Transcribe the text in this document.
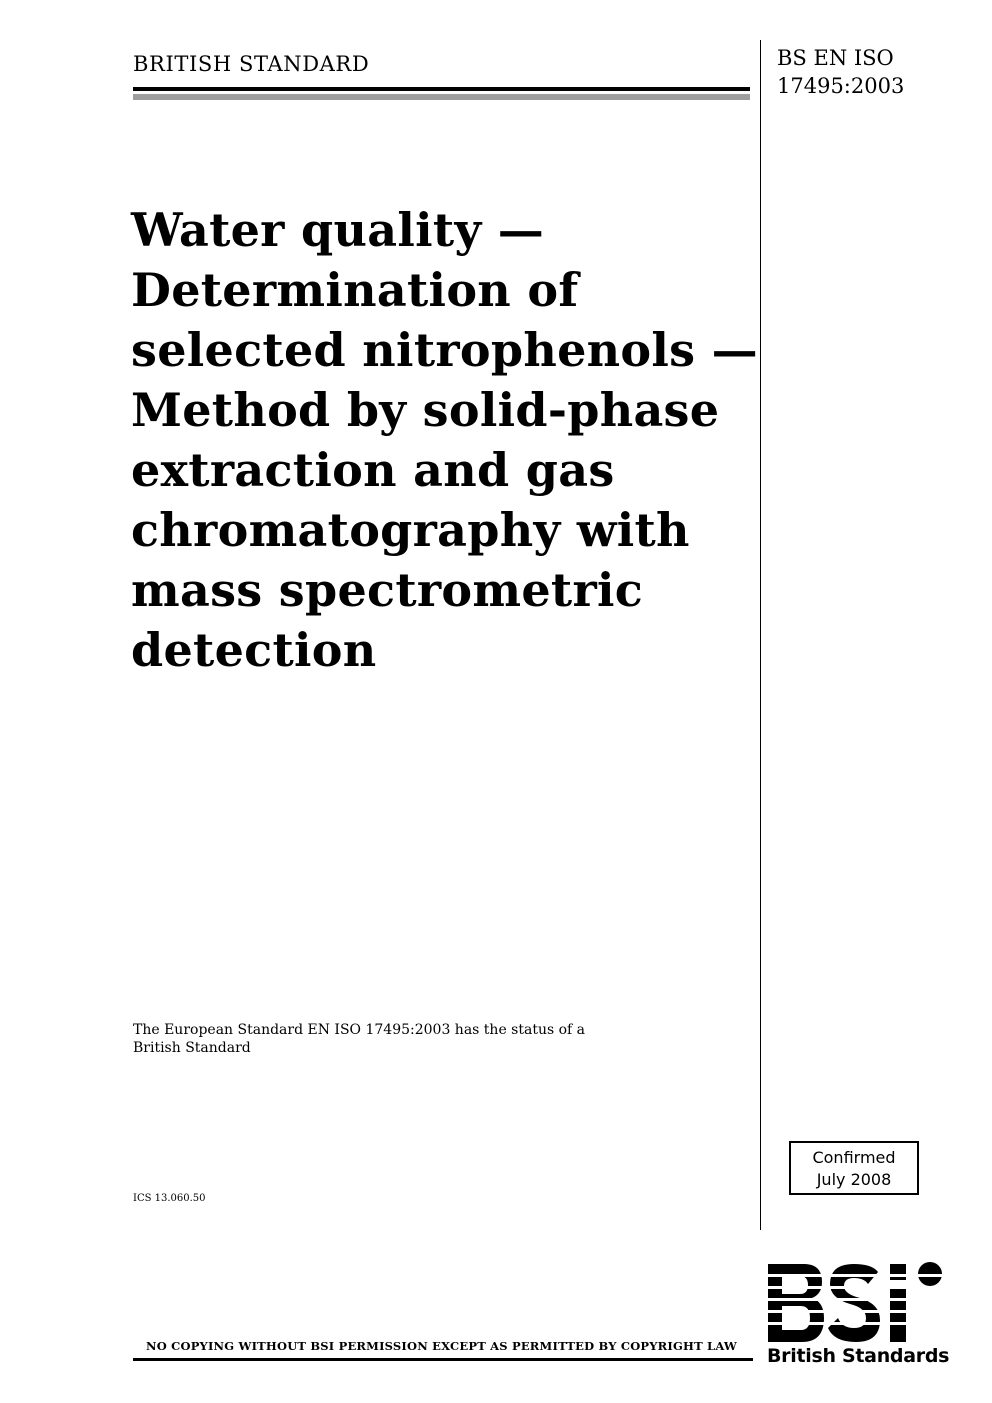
BRITISH STANDARD	BS EN ISO
17495:2003
Water quality —
Determination of
selected nitrophenols —
Method by solid-phase
extraction and gas
chromatography with
mass spectrometric
detection
The European Standard EN ISO 17495:2003 has the status of a
British Standard
ICS 13.060.50
Confirmed
July 2008
British Standards
NO COPYING WITHOUT BSI PERMISSION EXCEPT AS PERMITTED BY COPYRIGHT LAW
